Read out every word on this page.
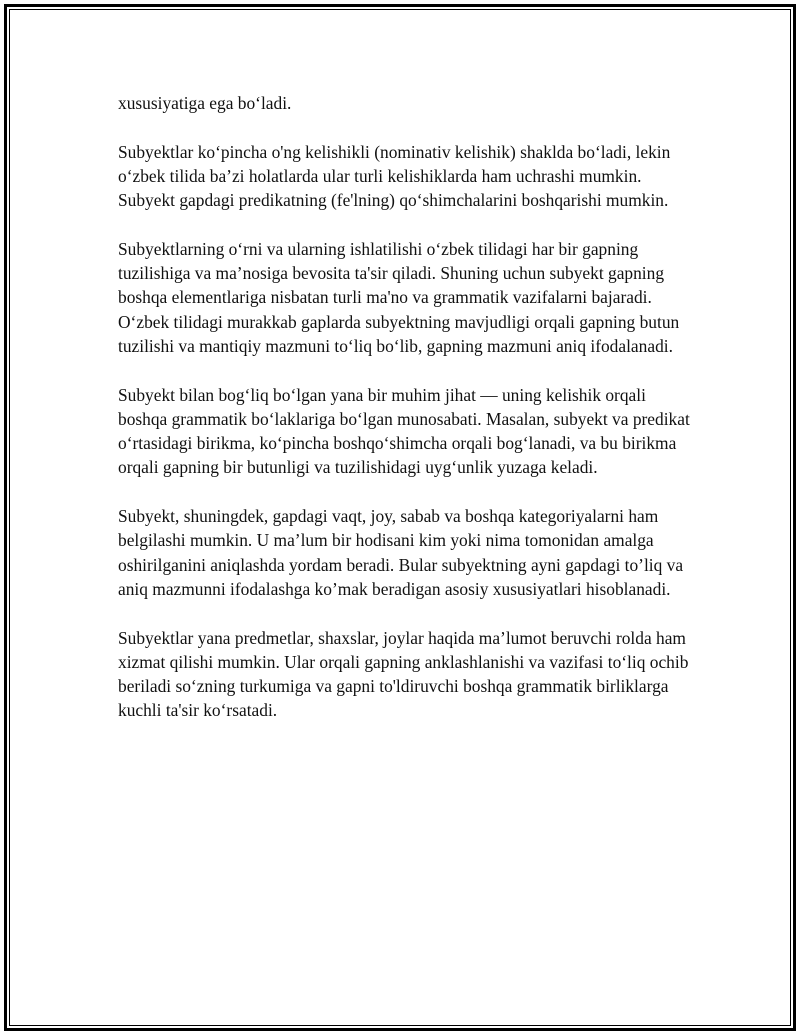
xususiyatiga ega bo‘ladi.

Subyektlar ko‘pincha o'ng kelishikli (nominativ kelishik) shaklda bo‘ladi, lekin o‘zbek tilida ba’zi holatlarda ular turli kelishiklarda ham uchrashi mumkin. Subyekt gapdagi predikatning (fe'lning) qo‘shimchalarini boshqarishi mumkin.

Subyektlarning o‘rni va ularning ishlatilishi o‘zbek tilidagi har bir gapning tuzilishiga va ma’nosiga bevosita ta'sir qiladi. Shuning uchun subyekt gapning boshqa elementlariga nisbatan turli ma'no va grammatik vazifalarni bajaradi. O‘zbek tilidagi murakkab gaplarda subyektning mavjudligi orqali gapning butun tuzilishi va mantiqiy mazmuni to‘liq bo‘lib, gapning mazmuni aniq ifodalanadi.

Subyekt bilan bog‘liq bo‘lgan yana bir muhim jihat — uning kelishik orqali boshqa grammatik bo‘laklariga bo‘lgan munosabati. Masalan, subyekt va predikat o‘rtasidagi birikma, ko‘pincha boshqo‘shimcha orqali bog‘lanadi, va bu birikma orqali gapning bir butunligi va tuzilishidagi uyg‘unlik yuzaga keladi.

Subyekt, shuningdek, gapdagi vaqt, joy, sabab va boshqa kategoriyalarni ham belgilashi mumkin. U ma’lum bir hodisani kim yoki nima tomonidan amalga oshirilganini aniqlashda yordam beradi. Bular subyektning ayni gapdagi to’liq va aniq mazmunni ifodalashga ko’mak beradigan asosiy xususiyatlari hisoblanadi.

Subyektlar yana predmetlar, shaxslar, joylar haqida ma’lumot beruvchi rolda ham xizmat qilishi mumkin. Ular orqali gapning anklashlanishi va vazifasi to‘liq ochib beriladi so‘zning turkumiga va gapni to'ldiruvchi boshqa grammatik birliklarga kuchli ta'sir ko‘rsatadi.
